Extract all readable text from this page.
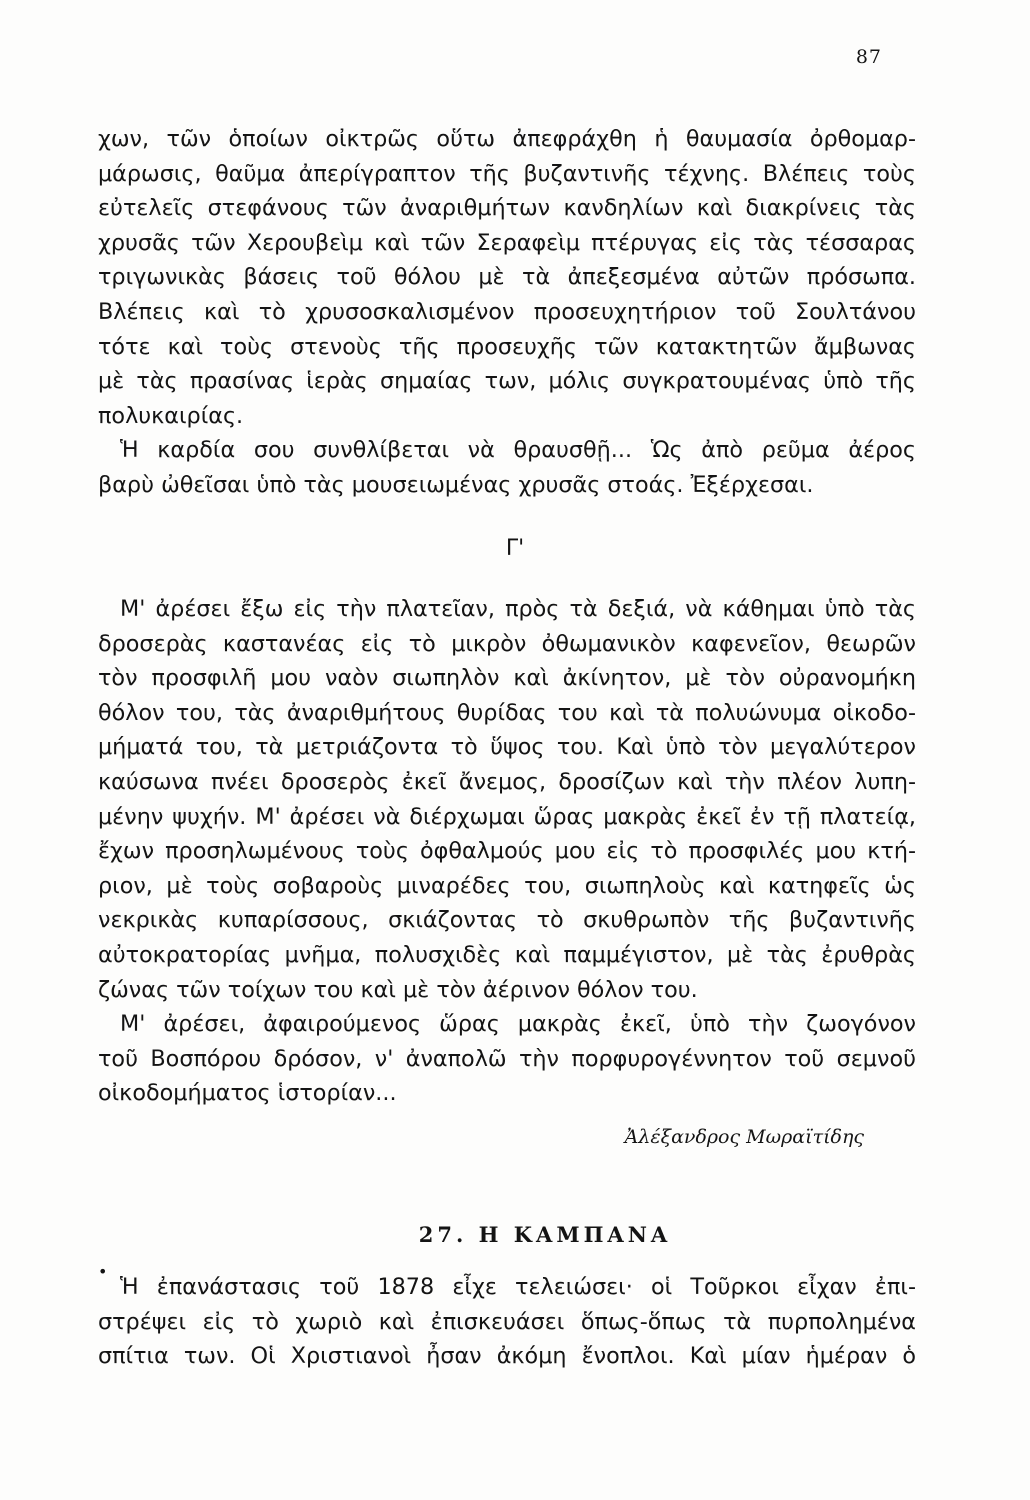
87

χων, τῶν ὁποίων οἰκτρῶς οὕτω ἀπεφράχθη ἡ θαυμασία ὀρθομαρ-

μάρωσις, θαῦμα ἀπερίγραπτον τῆς βυζαντινῆς τέχνης. Βλέπεις τοὺς

εὐτελεῖς στεφάνους τῶν ἀναριθμήτων κανδηλίων καὶ διακρίνεις τὰς

χρυσᾶς τῶν Χερουβεὶμ καὶ τῶν Σεραφεὶμ πτέρυγας εἰς τὰς τέσσαρας

τριγωνικὰς βάσεις τοῦ θόλου μὲ τὰ ἀπεξεσμένα αὐτῶν πρόσωπα.

Βλέπεις καὶ τὸ χρυσοσκαλισμένον προσευχητήριον τοῦ Σουλτάνου

τότε καὶ τοὺς στενοὺς τῆς προσευχῆς τῶν κατακτητῶν ἄμβωνας

μὲ τὰς πρασίνας ἱερὰς σημαίας των, μόλις συγκρατουμένας ὑπὸ τῆς

πολυκαιρίας.

Ἡ καρδία σου συνθλίβεται νὰ θραυσθῇ... Ὡς ἀπὸ ρεῦμα ἀέρος

βαρὺ ὠθεῖσαι ὑπὸ τὰς μουσειωμένας χρυσᾶς στοάς. Ἐξέρχεσαι.

Γ'

Μ' ἀρέσει ἔξω εἰς τὴν πλατεῖαν, πρὸς τὰ δεξιά, νὰ κάθημαι ὑπὸ τὰς

δροσερὰς καστανέας εἰς τὸ μικρὸν ὀθωμανικὸν καφενεῖον, θεωρῶν

τὸν προσφιλῆ μου ναὸν σιωπηλὸν καὶ ἀκίνητον, μὲ τὸν οὐρανομήκη

θόλον του, τὰς ἀναριθμήτους θυρίδας του καὶ τὰ πολυώνυμα οἰκοδο-

μήματά του, τὰ μετριάζοντα τὸ ὕψος του. Καὶ ὑπὸ τὸν μεγαλύτερον

καύσωνα πνέει δροσερὸς ἐκεῖ ἄνεμος, δροσίζων καὶ τὴν πλέον λυπη-

μένην ψυχήν. Μ' ἀρέσει νὰ διέρχωμαι ὥρας μακρὰς ἐκεῖ ἐν τῇ πλατείᾳ,

ἔχων προσηλωμένους τοὺς ὀφθαλμούς μου εἰς τὸ προσφιλές μου κτή-

ριον, μὲ τοὺς σοβαροὺς μιναρέδες του, σιωπηλοὺς καὶ κατηφεῖς ὡς

νεκρικὰς κυπαρίσσους, σκιάζοντας τὸ σκυθρωπὸν τῆς βυζαντινῆς

αὐτοκρατορίας μνῆμα, πολυσχιδὲς καὶ παμμέγιστον, μὲ τὰς ἐρυθρὰς

ζώνας τῶν τοίχων του καὶ μὲ τὸν ἀέρινον θόλον του.

Μ' ἀρέσει, ἀφαιρούμενος ὥρας μακρὰς ἐκεῖ, ὑπὸ τὴν ζωογόνον

τοῦ Βοσπόρου δρόσον, ν' ἀναπολῶ τὴν πορφυρογέννητον τοῦ σεμνοῦ

οἰκοδομήματος ἱστορίαν...

Ἀλέξανδρος Μωραϊτίδης
27. Η ΚΑΜΠΑΝΑ
•

Ἡ ἐπανάστασις τοῦ 1878 εἶχε τελειώσει· οἱ Τοῦρκοι εἶχαν ἐπι-

στρέψει εἰς τὸ χωριὸ καὶ ἐπισκευάσει ὅπως-ὅπως τὰ πυρπολημένα

σπίτια των. Οἱ Χριστιανοὶ ἦσαν ἀκόμη ἔνοπλοι. Καὶ μίαν ἡμέραν ὁ
